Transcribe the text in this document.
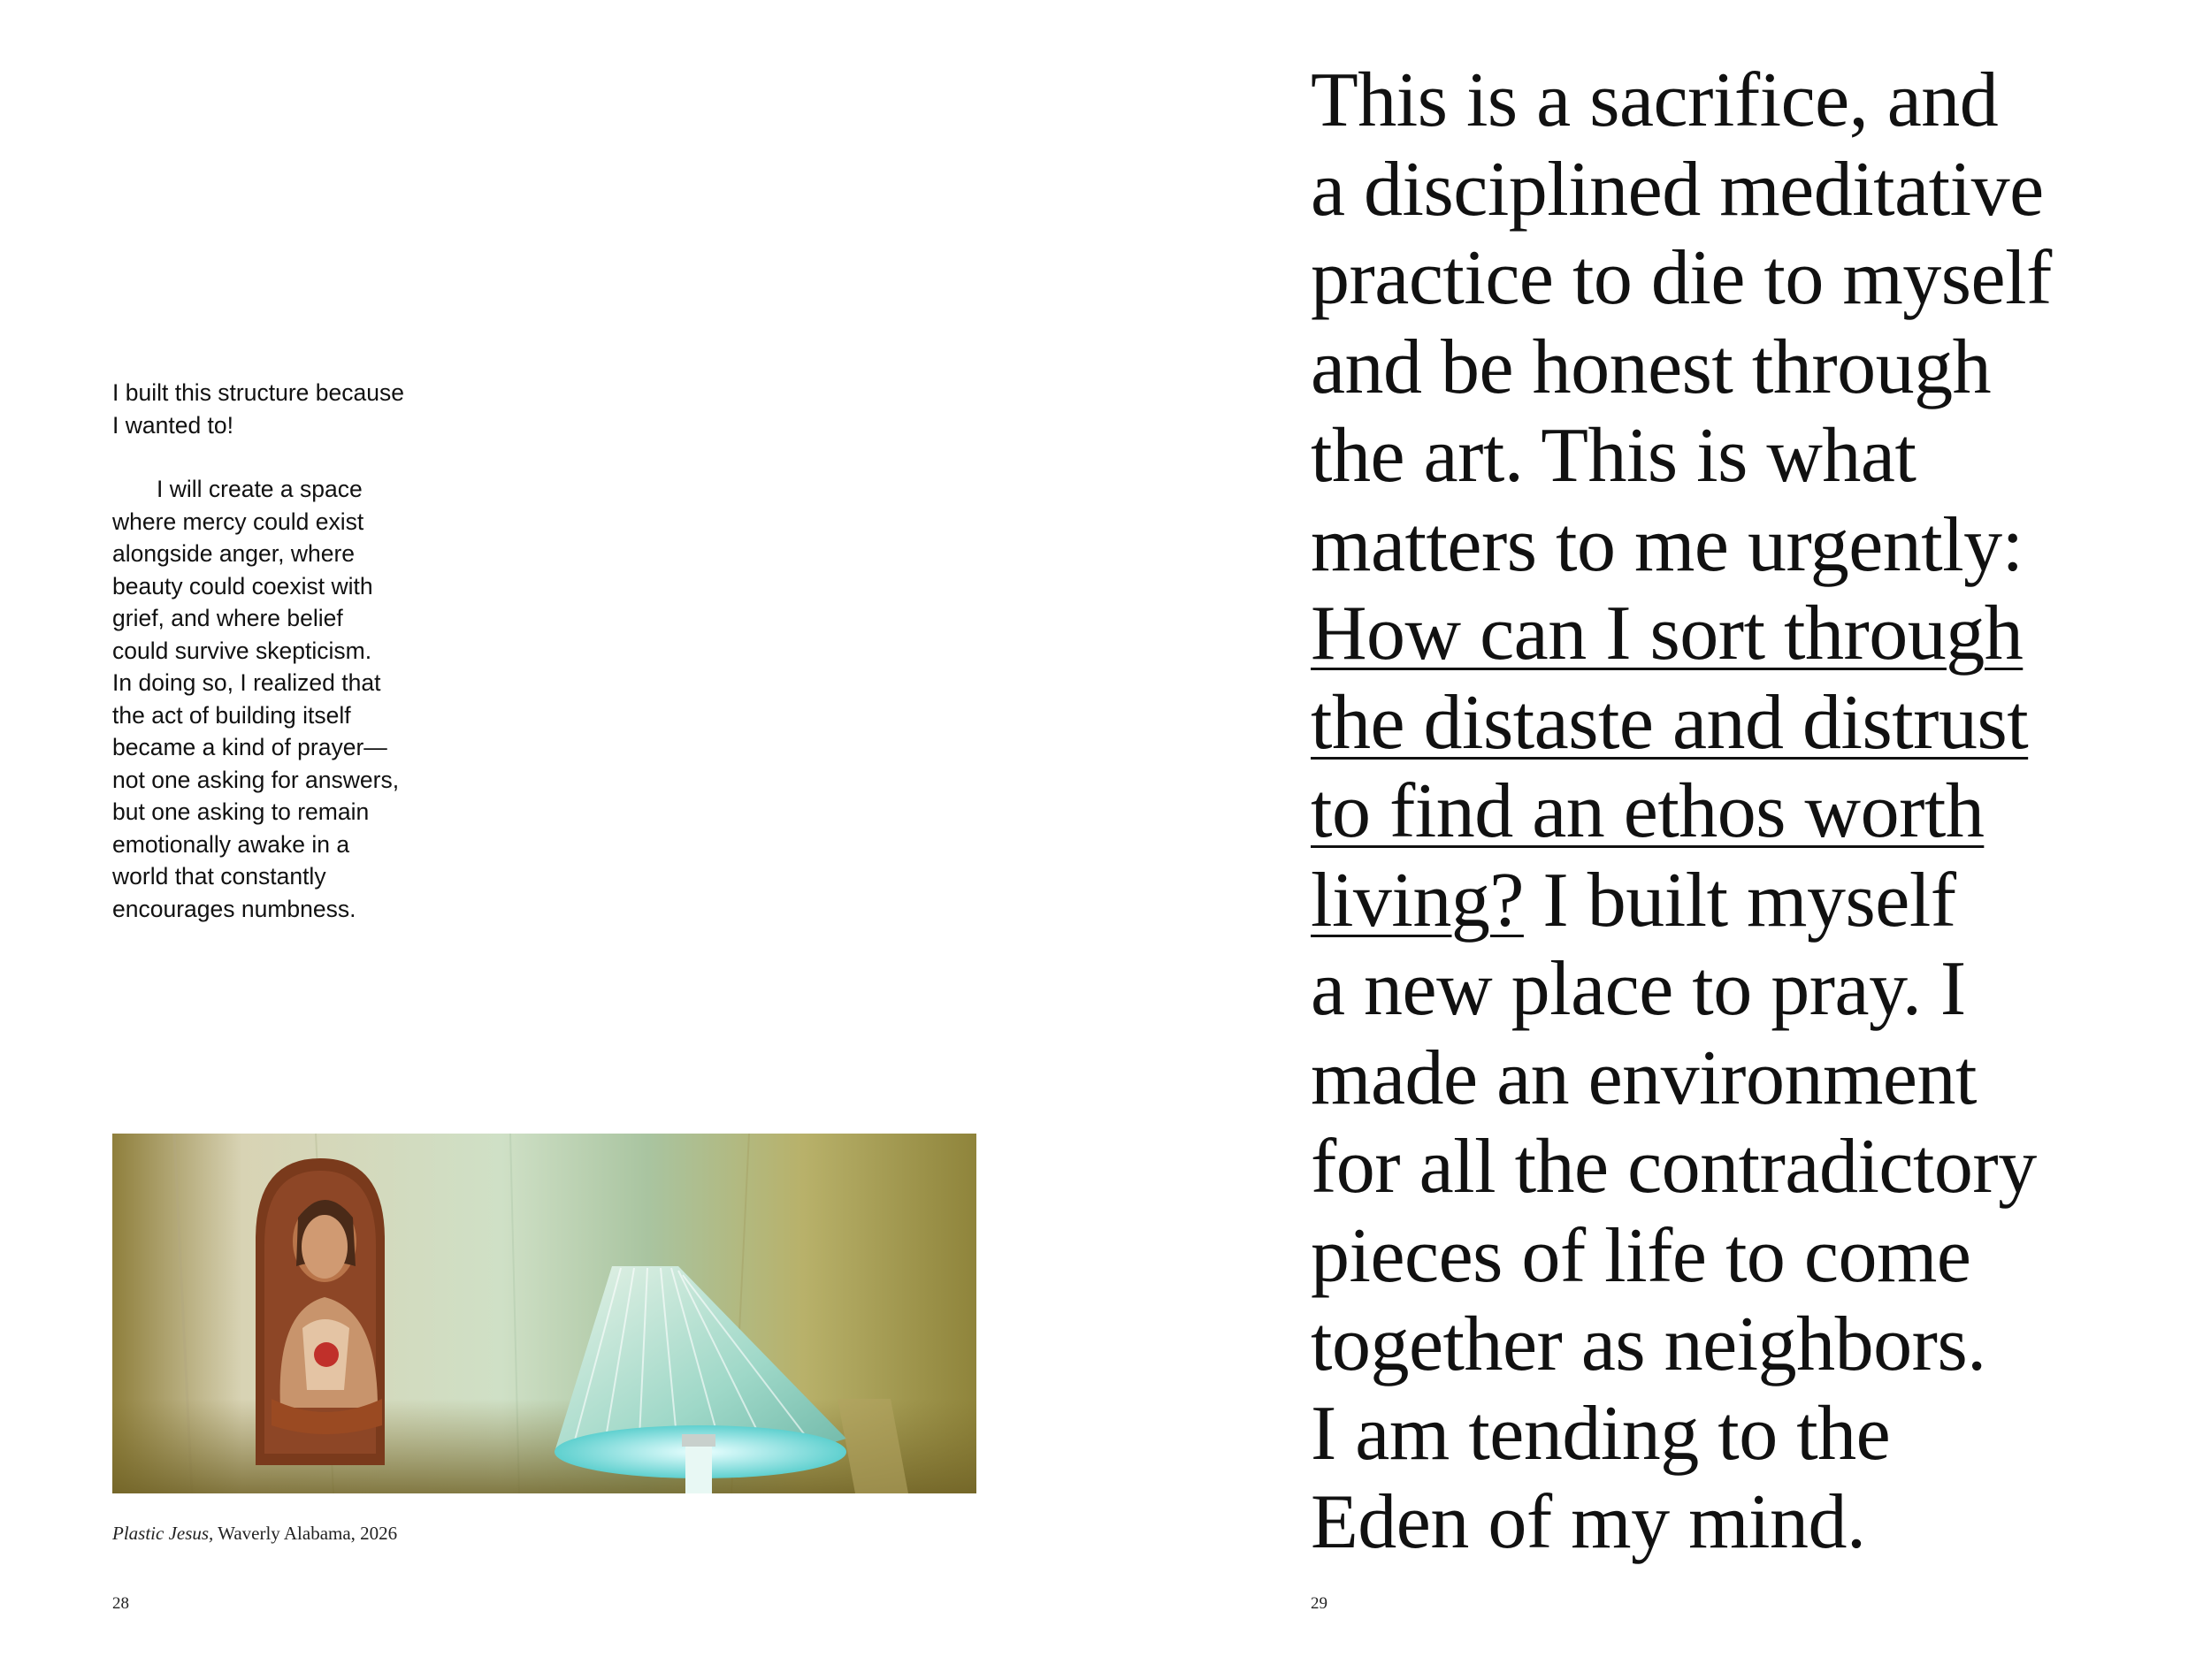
I built this structure because I wanted to!

I will create a space where mercy could exist alongside anger, where beauty could coexist with grief, and where belief could survive skepticism.

In doing so, I realized that the act of building itself became a kind of prayer—not one asking for answers, but one asking to remain emotionally awake in a world that constantly encourages numbness.

Plastic Jesus, Waverly Alabama, 2026
28
This is a sacrifice, and
a disciplined meditative
practice to die to myself
and be honest through
the art. This is what
matters to me urgently:
How can I sort through
the distaste and distrust
to find an ethos worth
living? I built myself
a new place to pray. I
made an environment
for all the contradictory
pieces of life to come
together as neighbors.
I am tending to the
Eden of my mind.
29
